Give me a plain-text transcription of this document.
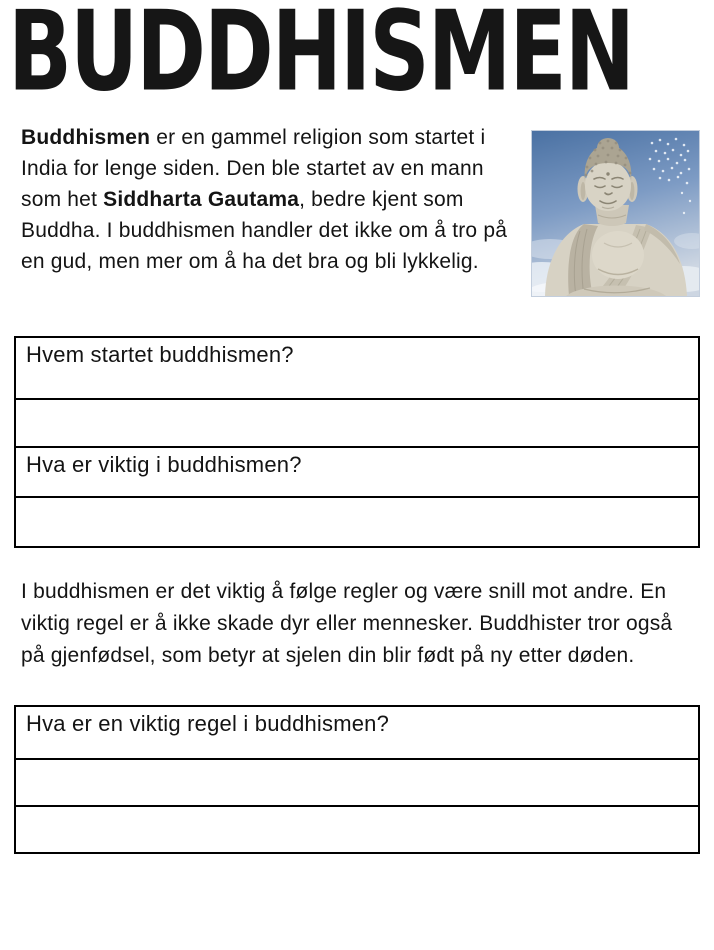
BUDDHISMEN

Buddhismen er en gammel religion som startet i India for lenge siden. Den ble startet av en mann som het Siddharta Gautama, bedre kjent som Buddha. I buddhismen handler det ikke om å tro på en gud, men mer om å ha det bra og bli lykkelig.

Hvem startet buddhismen?

Hva er viktig i buddhismen?

I buddhismen er det viktig å følge regler og være snill mot andre. En viktig regel er å ikke skade dyr eller mennesker. Buddhister tror også på gjenfødsel, som betyr at sjelen din blir født på ny etter døden.

Hva er en viktig regel i buddhismen?
